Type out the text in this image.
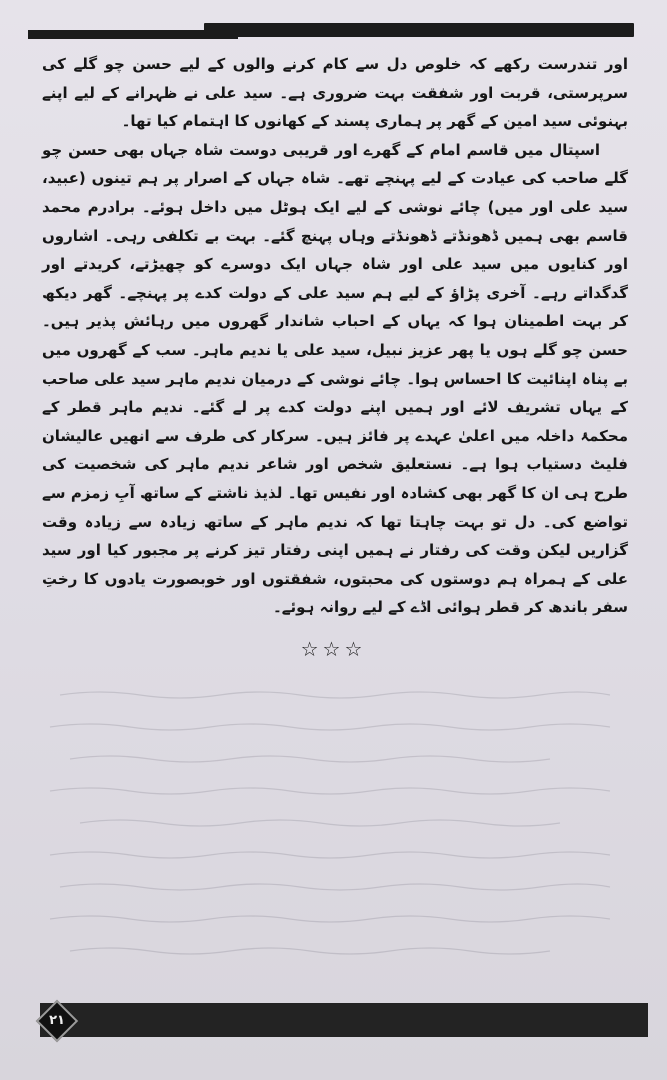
اور تندرست رکھے کہ خلوص دل سے کام کرنے والوں کے لیے حسن چو گلے کی سرپرستی، قربت اور شفقت بہت ضروری ہے۔ سید علی نے ظہرانے کے لیے اپنے بہنوئی سید امین کے گھر پر ہماری پسند کے کھانوں کا اہتمام کیا تھا۔

اسپتال میں قاسم امام کے گھرے اور قریبی دوست شاہ جہاں بھی حسن چو گلے صاحب کی عیادت کے لیے پہنچے تھے۔ شاہ جہاں کے اصرار پر ہم تینوں (عبید، سید علی اور میں) چائے نوشی کے لیے ایک ہوٹل میں داخل ہوئے۔ برادرم محمد قاسم بھی ہمیں ڈھونڈتے ڈھونڈتے وہاں پہنچ گئے۔ بہت بے تکلفی رہی۔ اشاروں اور کنایوں میں سید علی اور شاہ جہاں ایک دوسرے کو چھیڑتے، کریدتے اور گدگداتے رہے۔ آخری پڑاؤ کے لیے ہم سید علی کے دولت کدے پر پہنچے۔ گھر دیکھ کر بہت اطمینان ہوا کہ یہاں کے احباب شاندار گھروں میں رہائش پذیر ہیں۔ حسن چو گلے ہوں یا پھر عزیز نبیل، سید علی یا ندیم ماہر۔ سب کے گھروں میں بے پناہ اپنائیت کا احساس ہوا۔ چائے نوشی کے درمیان ندیم ماہر سید علی صاحب کے یہاں تشریف لائے اور ہمیں اپنے دولت کدے پر لے گئے۔ ندیم ماہر قطر کے محکمۂ داخلہ میں اعلیٰ عہدے پر فائز ہیں۔ سرکار کی طرف سے انھیں عالیشان فلیٹ دستیاب ہوا ہے۔ نستعلیق شخص اور شاعر ندیم ماہر کی شخصیت کی طرح ہی ان کا گھر بھی کشادہ اور نفیس تھا۔ لذیذ ناشتے کے ساتھ آبِ زمزم سے تواضع کی۔ دل تو بہت چاہتا تھا کہ ندیم ماہر کے ساتھ زیادہ سے زیادہ وقت گزاریں لیکن وقت کی رفتار نے ہمیں اپنی رفتار تیز کرنے پر مجبور کیا اور سید علی کے ہمراہ ہم دوستوں کی محبتوں، شفقتوں اور خوبصورت یادوں کا رختِ سفر باندھ کر قطر ہوائی اڈے کے لیے روانہ ہوئے۔

☆☆☆
۲۱
